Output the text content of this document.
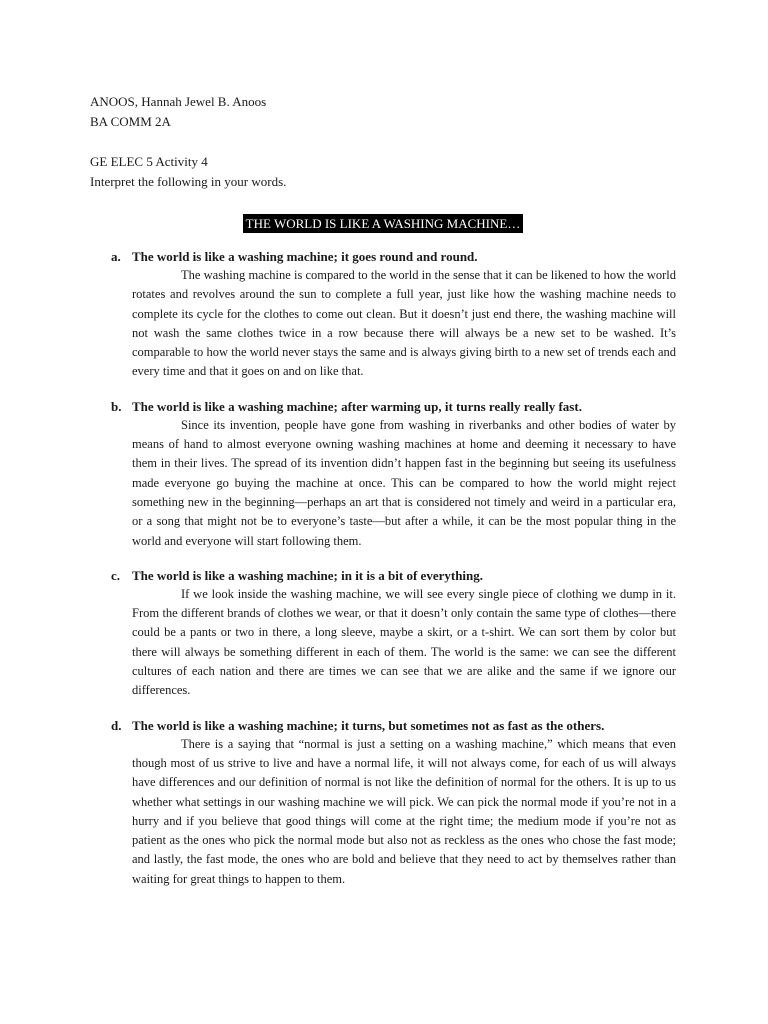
ANOOS, Hannah Jewel B. Anoos

BA COMM 2A

GE ELEC 5 Activity 4

Interpret the following in your words.

THE WORLD IS LIKE A WASHING MACHINE…
a. The world is like a washing machine; it goes round and round.
The washing machine is compared to the world in the sense that it can be likened to how the world rotates and revolves around the sun to complete a full year, just like how the washing machine needs to complete its cycle for the clothes to come out clean. But it doesn’t just end there, the washing machine will not wash the same clothes twice in a row because there will always be a new set to be washed. It’s comparable to how the world never stays the same and is always giving birth to a new set of trends each and every time and that it goes on and on like that.
b. The world is like a washing machine; after warming up, it turns really really fast.
Since its invention, people have gone from washing in riverbanks and other bodies of water by means of hand to almost everyone owning washing machines at home and deeming it necessary to have them in their lives. The spread of its invention didn’t happen fast in the beginning but seeing its usefulness made everyone go buying the machine at once. This can be compared to how the world might reject something new in the beginning—perhaps an art that is considered not timely and weird in a particular era, or a song that might not be to everyone’s taste—but after a while, it can be the most popular thing in the world and everyone will start following them.
c. The world is like a washing machine; in it is a bit of everything.
If we look inside the washing machine, we will see every single piece of clothing we dump in it. From the different brands of clothes we wear, or that it doesn’t only contain the same type of clothes—there could be a pants or two in there, a long sleeve, maybe a skirt, or a t-shirt. We can sort them by color but there will always be something different in each of them. The world is the same: we can see the different cultures of each nation and there are times we can see that we are alike and the same if we ignore our differences.
d. The world is like a washing machine; it turns, but sometimes not as fast as the others.
There is a saying that “normal is just a setting on a washing machine,” which means that even though most of us strive to live and have a normal life, it will not always come, for each of us will always have differences and our definition of normal is not like the definition of normal for the others. It is up to us whether what settings in our washing machine we will pick. We can pick the normal mode if you’re not in a hurry and if you believe that good things will come at the right time; the medium mode if you’re not as patient as the ones who pick the normal mode but also not as reckless as the ones who chose the fast mode; and lastly, the fast mode, the ones who are bold and believe that they need to act by themselves rather than waiting for great things to happen to them.
